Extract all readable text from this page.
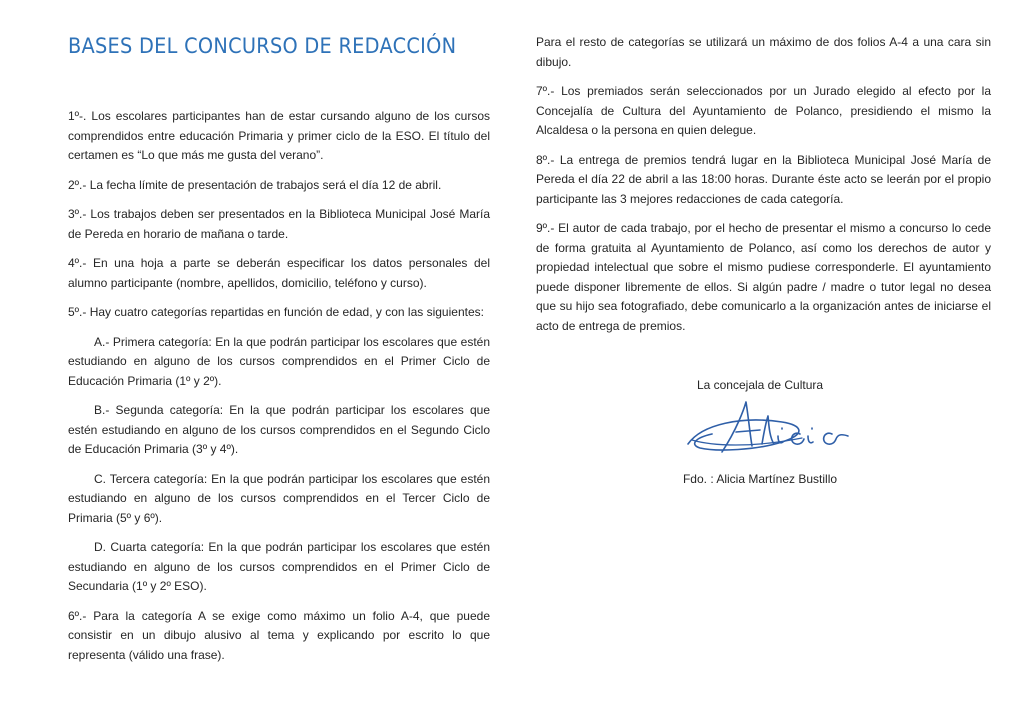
BASES DEL CONCURSO DE REDACCIÓN

1º-. Los escolares participantes han de estar cursando alguno de los cursos comprendidos entre educación Primaria y primer ciclo de la ESO. El título del certamen es “Lo que más me gusta del verano”.

2º.- La fecha límite de presentación de trabajos será el día 12 de abril.

3º.- Los trabajos deben ser presentados en la Biblioteca Municipal José María de Pereda en horario de mañana o tarde.

4º.- En una hoja a parte se deberán especificar los datos personales del alumno participante (nombre, apellidos, domicilio, teléfono y curso).

5º.- Hay cuatro categorías repartidas en función de edad, y con las siguientes:

A.- Primera categoría: En la que podrán participar los escolares que estén estudiando en alguno de los cursos comprendidos en el Primer Ciclo de Educación Primaria (1º y 2º).

B.- Segunda categoría: En la que podrán participar los escolares que estén estudiando en alguno de los cursos comprendidos en el Segundo Ciclo de Educación Primaria (3º y 4º).

C. Tercera categoría: En la que podrán participar los escolares que estén estudiando en alguno de los cursos comprendidos en el Tercer Ciclo de Primaria (5º y 6º).

D. Cuarta categoría: En la que podrán participar los escolares que estén estudiando en alguno de los cursos comprendidos en el Primer Ciclo de Secundaria (1º y 2º ESO).

6º.- Para la categoría A se exige como máximo un folio A-4, que puede consistir en un dibujo alusivo al tema y explicando por escrito lo que representa (válido una frase).

Para el resto de categorías se utilizará un máximo de dos folios A-4 a una cara sin dibujo.

7º.- Los premiados serán seleccionados por un Jurado elegido al efecto por la Concejalía de Cultura del Ayuntamiento de Polanco, presidiendo el mismo la Alcaldesa o la persona en quien delegue.

8º.- La entrega de premios tendrá lugar en la Biblioteca Municipal José María de Pereda el día 22 de abril a las 18:00 horas. Durante éste acto se leerán por el propio participante las 3 mejores redacciones de cada categoría.

9º.- El autor de cada trabajo, por el hecho de presentar el mismo a concurso lo cede de forma gratuita al Ayuntamiento de Polanco, así como los derechos de autor y propiedad intelectual que sobre el mismo pudiese corresponderle. El ayuntamiento puede disponer libremente de ellos. Si algún padre / madre o tutor legal no desea que su hijo sea fotografiado, debe comunicarlo a la organización antes de iniciarse el acto de entrega de premios.

La concejala de Cultura
Fdo. : Alicia Martínez Bustillo
